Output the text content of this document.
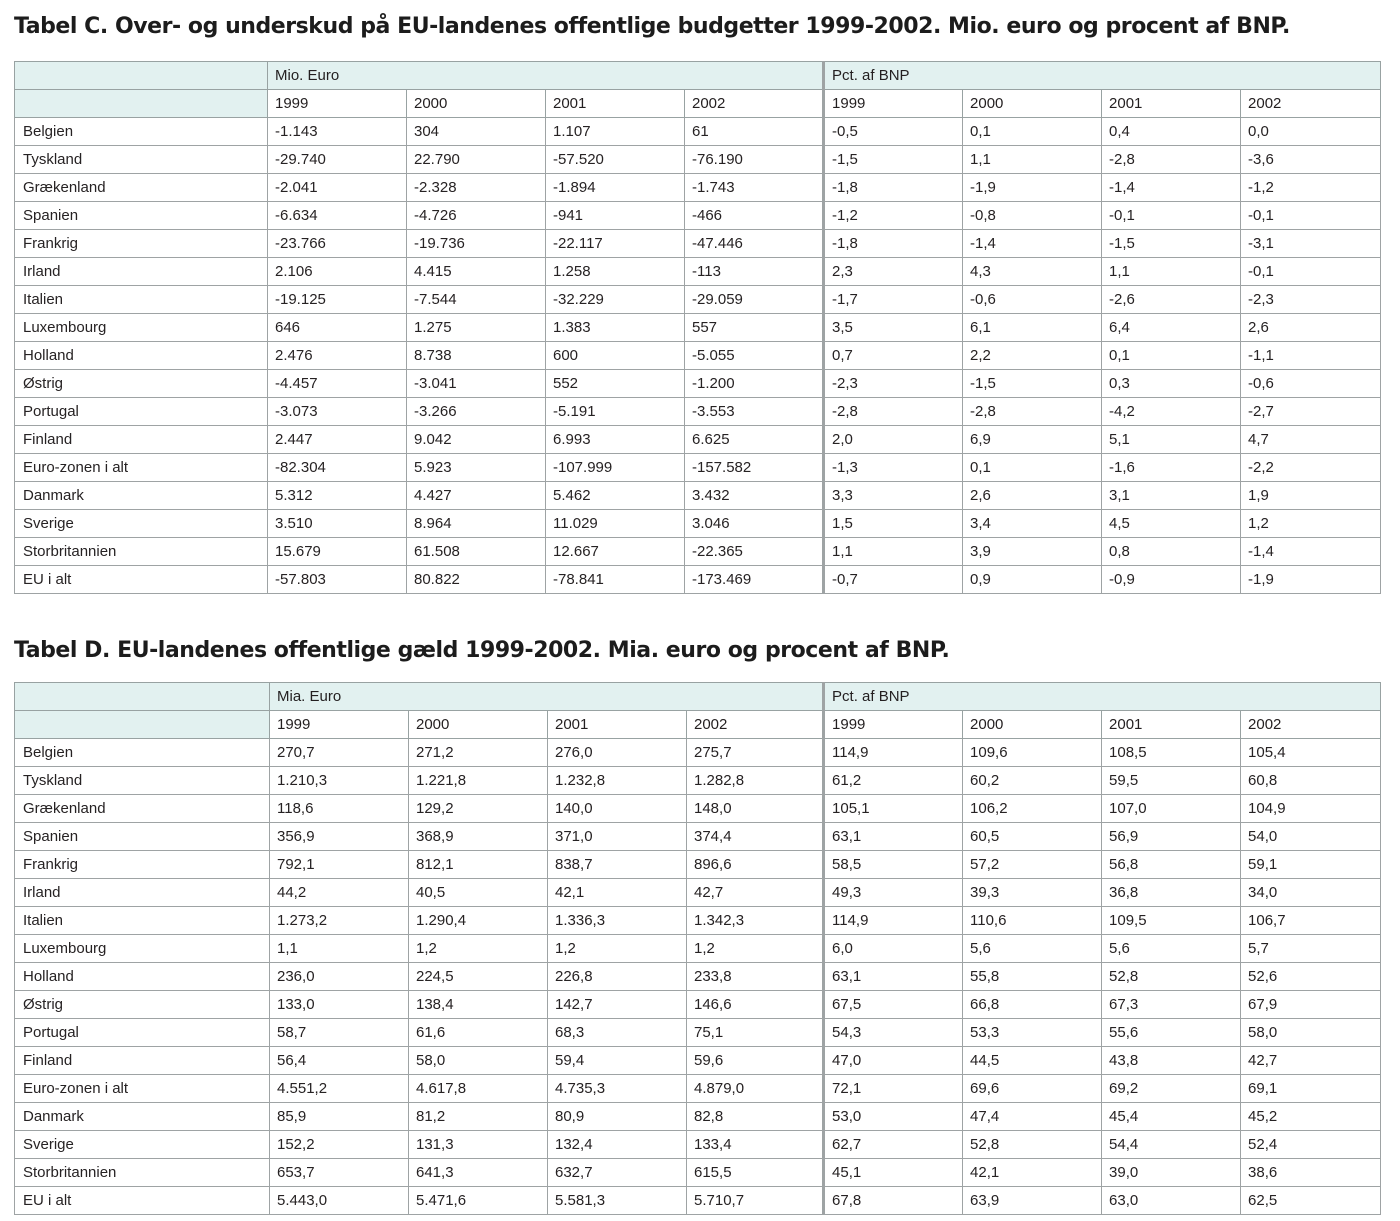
Tabel C. Over- og underskud på EU-landenes offentlige budgetter 1999-2002. Mio. euro og procent af BNP.
	Mio. Euro				Pct. af BNP			
	1999	2000	2001	2002	1999	2000	2001	2002
Belgien	-1.143	304	1.107	61	-0,5	0,1	0,4	0,0
Tyskland	-29.740	22.790	-57.520	-76.190	-1,5	1,1	-2,8	-3,6
Grækenland	-2.041	-2.328	-1.894	-1.743	-1,8	-1,9	-1,4	-1,2
Spanien	-6.634	-4.726	-941	-466	-1,2	-0,8	-0,1	-0,1
Frankrig	-23.766	-19.736	-22.117	-47.446	-1,8	-1,4	-1,5	-3,1
Irland	2.106	4.415	1.258	-113	2,3	4,3	1,1	-0,1
Italien	-19.125	-7.544	-32.229	-29.059	-1,7	-0,6	-2,6	-2,3
Luxembourg	646	1.275	1.383	557	3,5	6,1	6,4	2,6
Holland	2.476	8.738	600	-5.055	0,7	2,2	0,1	-1,1
Østrig	-4.457	-3.041	552	-1.200	-2,3	-1,5	0,3	-0,6
Portugal	-3.073	-3.266	-5.191	-3.553	-2,8	-2,8	-4,2	-2,7
Finland	2.447	9.042	6.993	6.625	2,0	6,9	5,1	4,7
Euro-zonen i alt	-82.304	5.923	-107.999	-157.582	-1,3	0,1	-1,6	-2,2
Danmark	5.312	4.427	5.462	3.432	3,3	2,6	3,1	1,9
Sverige	3.510	8.964	11.029	3.046	1,5	3,4	4,5	1,2
Storbritannien	15.679	61.508	12.667	-22.365	1,1	3,9	0,8	-1,4
EU i alt	-57.803	80.822	-78.841	-173.469	-0,7	0,9	-0,9	-1,9
Tabel D. EU-landenes offentlige gæld 1999-2002. Mia. euro og procent af BNP.
	Mia. Euro				Pct. af BNP			
	1999	2000	2001	2002	1999	2000	2001	2002
Belgien	270,7	271,2	276,0	275,7	114,9	109,6	108,5	105,4
Tyskland	1.210,3	1.221,8	1.232,8	1.282,8	61,2	60,2	59,5	60,8
Grækenland	118,6	129,2	140,0	148,0	105,1	106,2	107,0	104,9
Spanien	356,9	368,9	371,0	374,4	63,1	60,5	56,9	54,0
Frankrig	792,1	812,1	838,7	896,6	58,5	57,2	56,8	59,1
Irland	44,2	40,5	42,1	42,7	49,3	39,3	36,8	34,0
Italien	1.273,2	1.290,4	1.336,3	1.342,3	114,9	110,6	109,5	106,7
Luxembourg	1,1	1,2	1,2	1,2	6,0	5,6	5,6	5,7
Holland	236,0	224,5	226,8	233,8	63,1	55,8	52,8	52,6
Østrig	133,0	138,4	142,7	146,6	67,5	66,8	67,3	67,9
Portugal	58,7	61,6	68,3	75,1	54,3	53,3	55,6	58,0
Finland	56,4	58,0	59,4	59,6	47,0	44,5	43,8	42,7
Euro-zonen i alt	4.551,2	4.617,8	4.735,3	4.879,0	72,1	69,6	69,2	69,1
Danmark	85,9	81,2	80,9	82,8	53,0	47,4	45,4	45,2
Sverige	152,2	131,3	132,4	133,4	62,7	52,8	54,4	52,4
Storbritannien	653,7	641,3	632,7	615,5	45,1	42,1	39,0	38,6
EU i alt	5.443,0	5.471,6	5.581,3	5.710,7	67,8	63,9	63,0	62,5
